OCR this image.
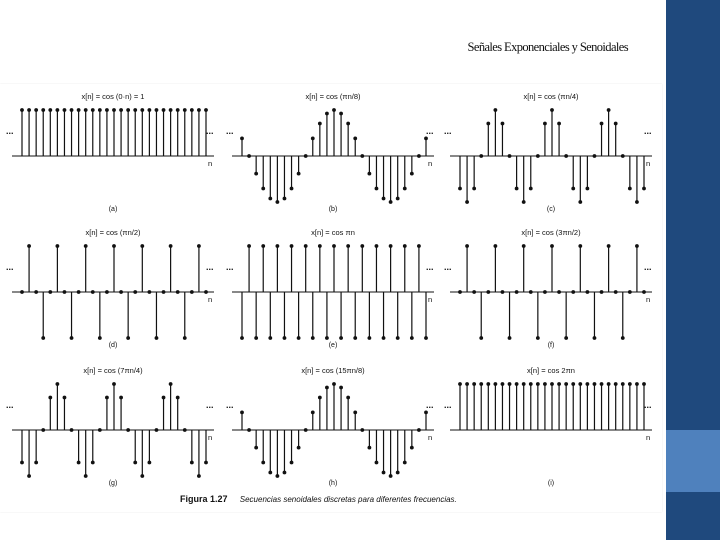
Señales Exponenciales y Senoidales
x[n] = cos (0·n) = 1
...	...
n
(a)
x[n] = cos (πn/8)
...	...
n
(b)
x[n] = cos (πn/4)
...	...
n
(c)
x[n] = cos (πn/2)
...	...
n
(d)
x[n] = cos πn
...	...
n
(e)
x[n] = cos (3πn/2)
...	...
n
(f)
x[n] = cos (7πn/4)
...	...
n
(g)
x[n] = cos (15πn/8)
...	...
n
(h)
x[n] = cos 2πn
...	...
n
(i)
Figura 1.27 Secuencias senoidales discretas para diferentes frecuencias.
